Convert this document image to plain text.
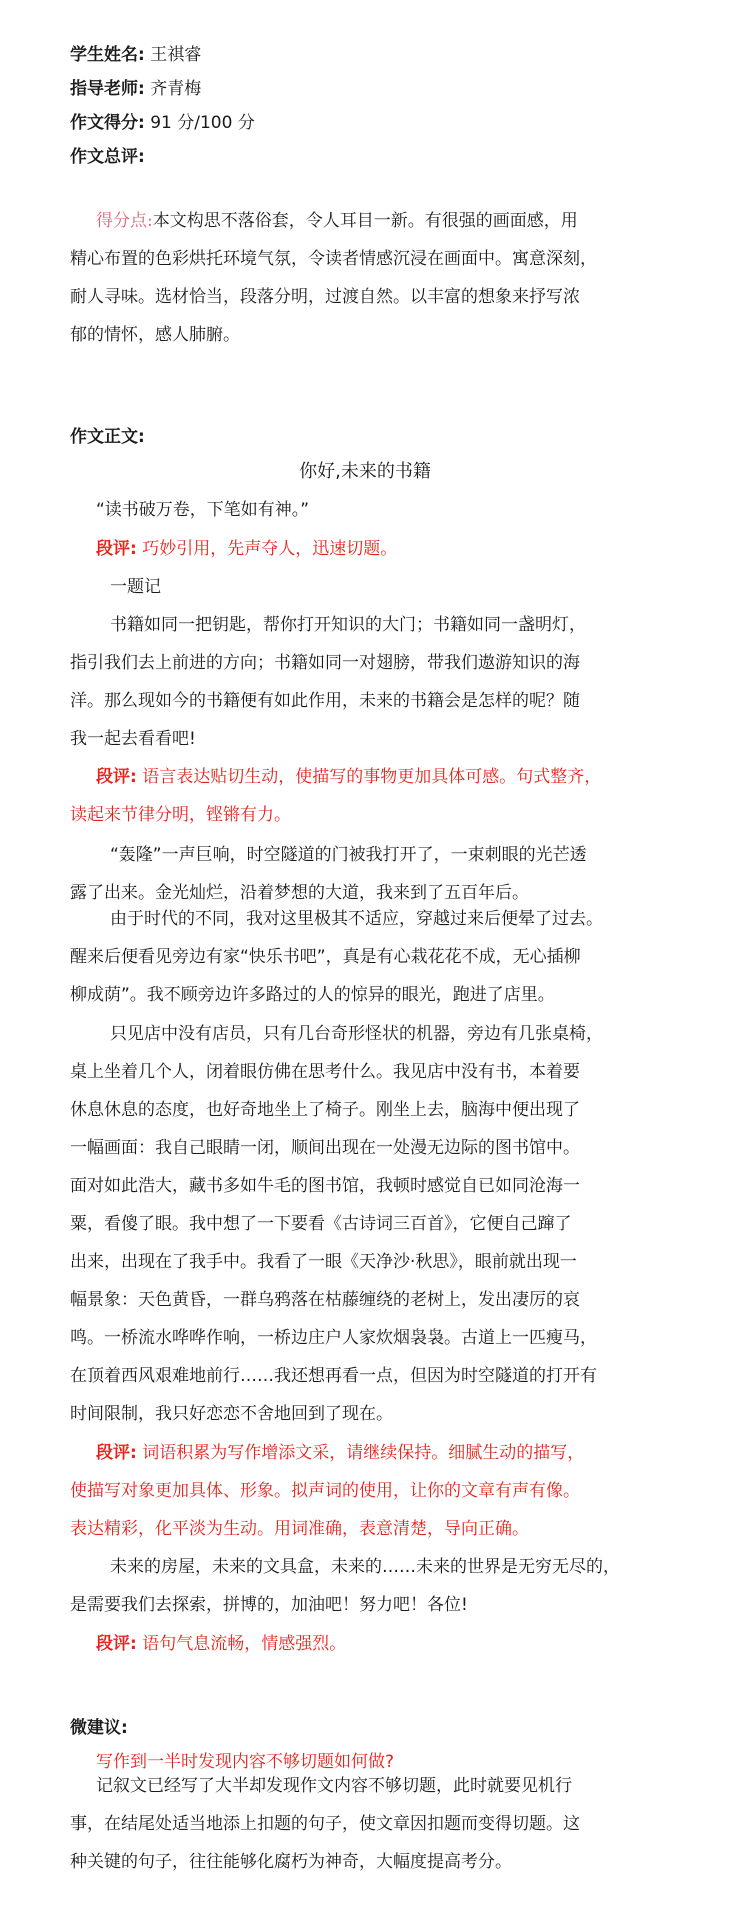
学生姓名: 王祺睿
指导老师: 齐青梅
作文得分: 91 分/100 分
作文总评:
得分点:本文构思不落俗套，令人耳目一新。有很强的画面感，用
精心布置的色彩烘托环境气氛，令读者情感沉浸在画面中。寓意深刻，
耐人寻味。选材恰当，段落分明，过渡自然。以丰富的想象来抒写浓
郁的情怀，感人肺腑。
作文正文:
你好,未来的书籍
“读书破万卷，下笔如有神。”
段评: 巧妙引用，先声夺人，迅速切题。
一题记
书籍如同一把钥匙，帮你打开知识的大门；书籍如同一盏明灯，
指引我们去上前进的方向；书籍如同一对翅膀，带我们遨游知识的海
洋。那么现如今的书籍便有如此作用，未来的书籍会是怎样的呢？随
我一起去看看吧!
段评: 语言表达贴切生动，使描写的事物更加具体可感。句式整齐，
读起来节律分明，铿锵有力。
“轰隆”一声巨响，时空隧道的门被我打开了，一束刺眼的光芒透
露了出来。金光灿烂，沿着梦想的大道，我来到了五百年后。
由于时代的不同，我对这里极其不适应，穿越过来后便晕了过去。
醒来后便看见旁边有家“快乐书吧”，真是有心栽花花不成，无心插柳
柳成荫”。我不顾旁边许多路过的人的惊异的眼光，跑进了店里。
只见店中没有店员，只有几台奇形怪状的机器，旁边有几张桌椅，
桌上坐着几个人，闭着眼仿佛在思考什么。我见店中没有书，本着要
休息休息的态度，也好奇地坐上了椅子。刚坐上去，脑海中便出现了
一幅画面：我自己眼睛一闭，顺间出现在一处漫无边际的图书馆中。
面对如此浩大，藏书多如牛毛的图书馆，我顿时感觉自已如同沧海一
粟，看傻了眼。我中想了一下要看《古诗词三百首》，它便自己蹿了
出来，出现在了我手中。我看了一眼《天净沙·秋思》，眼前就出现一
幅景象：天色黄昏，一群乌鸦落在枯藤缠绕的老树上，发出凄厉的哀
鸣。一桥流水哗哗作响，一桥边庄户人家炊烟袅袅。古道上一匹瘦马，
在顶着西风艰难地前行……我还想再看一点，但因为时空隧道的打开有
时间限制，我只好恋恋不舍地回到了现在。
段评: 词语积累为写作增添文采，请继续保持。细腻生动的描写，
使描写对象更加具体、形象。拟声词的使用，让你的文章有声有像。
表达精彩，化平淡为生动。用词准确，表意清楚，导向正确。
未来的房屋，未来的文具盒，未来的……未来的世界是无穷无尽的，
是需要我们去探索，拼博的，加油吧！努力吧！各位!
段评: 语句气息流畅，情感强烈。
微建议:
写作到一半时发现内容不够切题如何做?
记叙文已经写了大半却发现作文内容不够切题，此时就要见机行
事，在结尾处适当地添上扣题的句子，使文章因扣题而变得切题。这
种关键的句子，往往能够化腐朽为神奇，大幅度提高考分。
